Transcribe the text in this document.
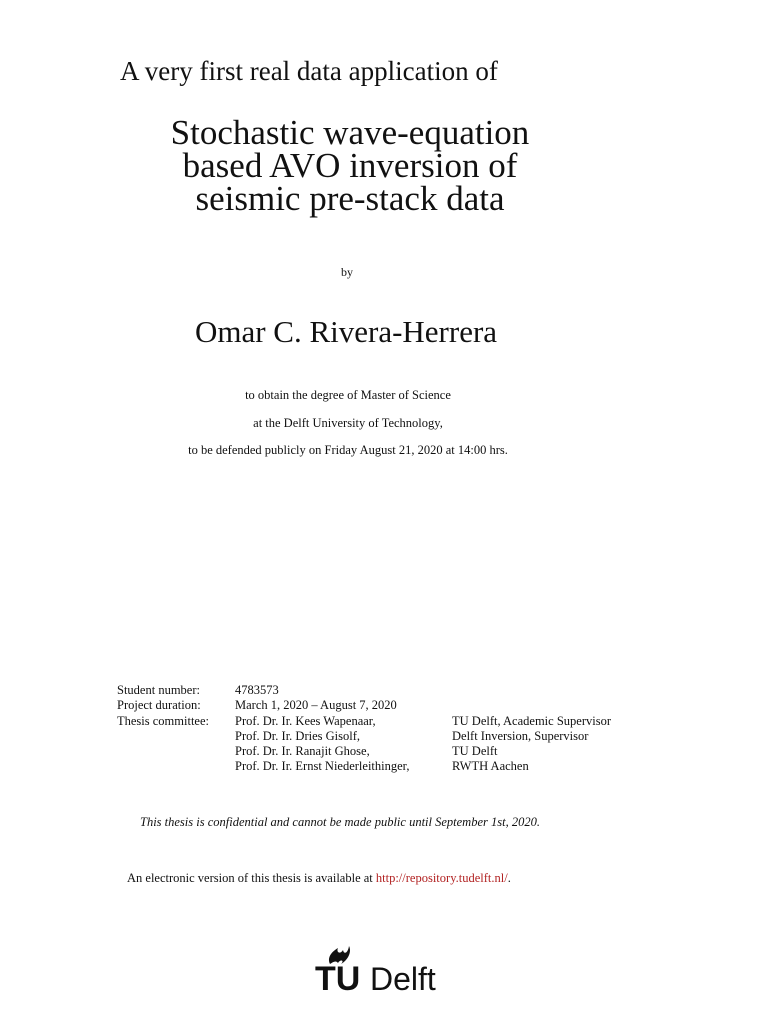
A very first real data application of
Stochastic wave-equation
based AVO inversion of
seismic pre-stack data
by
Omar C. Rivera-Herrera
to obtain the degree of Master of Science
at the Delft University of Technology,
to be defended publicly on Friday August 21, 2020 at 14:00 hrs.
Student number:	4783573
Project duration:	March 1, 2020 – August 7, 2020
Thesis committee:	Prof. Dr. Ir. Kees Wapenaar,	TU Delft, Academic Supervisor
Prof. Dr. Ir. Dries Gisolf,	Delft Inversion, Supervisor
Prof. Dr. Ir. Ranajit Ghose,	TU Delft
Prof. Dr. Ir. Ernst Niederleithinger,	RWTH Aachen
This thesis is confidential and cannot be made public until September 1st, 2020.
An electronic version of this thesis is available at http://repository.tudelft.nl/.
TU Delft
